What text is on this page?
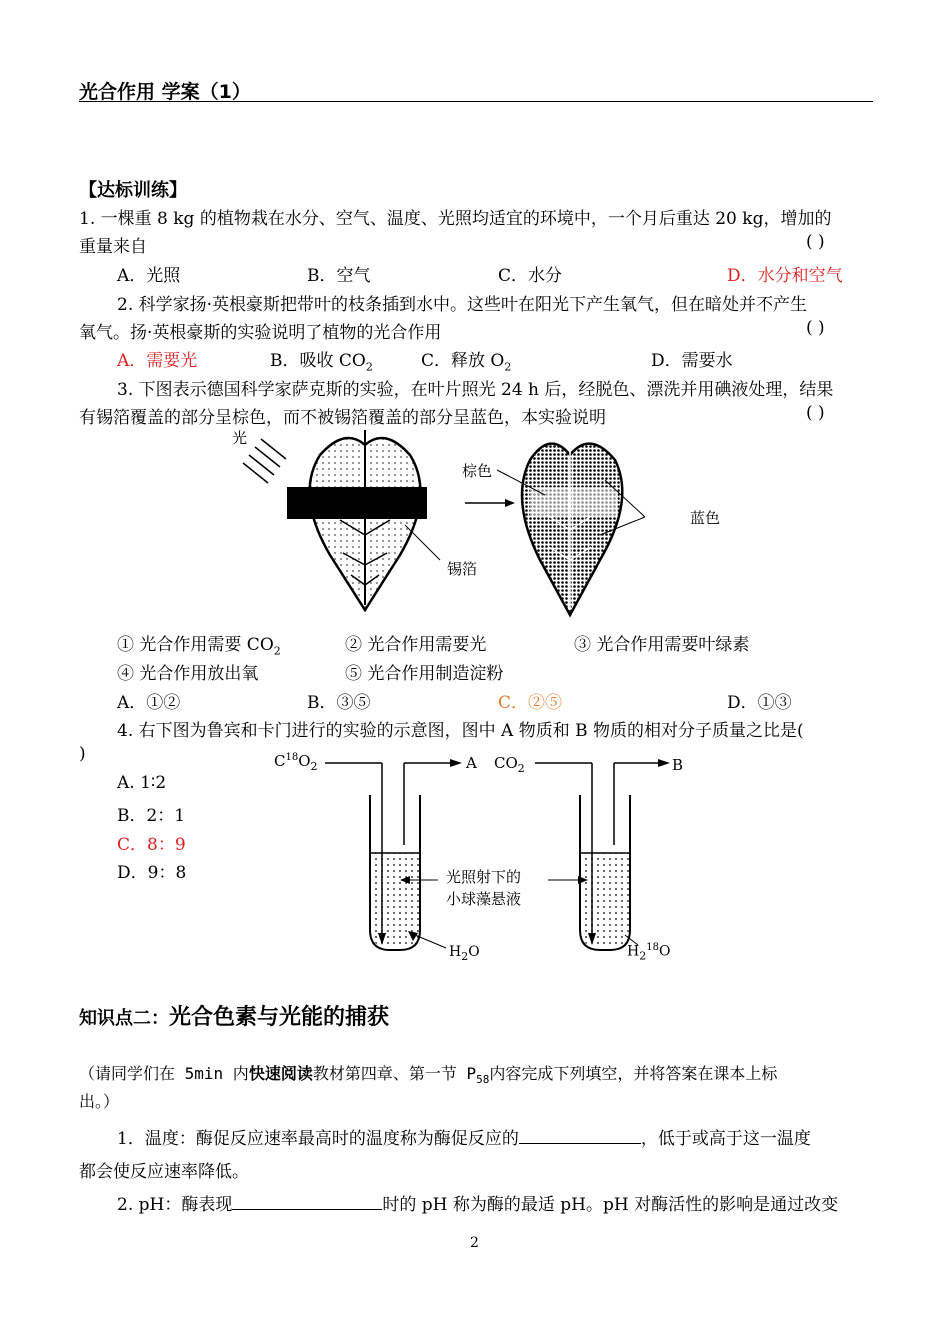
光合作用 学案（1）
【达标训练】
1. 一棵重 8 kg 的植物栽在水分、空气、温度、光照均适宜的环境中，一个月后重达 20 kg，增加的
重量来自	( )
A．光照	B．空气	C．水分	D．水分和空气
2. 科学家扬·英根豪斯把带叶的枝条插到水中。这些叶在阳光下产生氧气，但在暗处并不产生
氧气。扬·英根豪斯的实验说明了植物的光合作用	( )
A．需要光	B．吸收 $CO_2$	C．释放 $O_2$	D．需要水
3. 下图表示德国科学家萨克斯的实验，在叶片照光 24 h 后，经脱色、漂洗并用碘液处理，结果
有锡箔覆盖的部分呈棕色，而不被锡箔覆盖的部分呈蓝色，本实验说明	( )
光
棕色
蓝色
锡箔
① 光合作用需要 $CO_2$	② 光合作用需要光	③ 光合作用需要叶绿素
④ 光合作用放出氧	⑤ 光合作用制造淀粉
A．①②	B．③⑤	C．②⑤	D．①③
4. 右下图为鲁宾和卡门进行的实验的示意图，图中 A 物质和 B 物质的相对分子质量之比是(
)
A. 1∶2
B．2：1
C．8：9
D．9：8
$C^{18}O_2$	A $CO_2$	B
光照射下的
小球藻悬液
$H_2O$	$H_2^{18}O$
知识点二：光合色素与光能的捕获
（请同学们在 5min 内快速阅读教材第四章、第一节 $P_{58}$内容完成下列填空，并将答案在课本上标
出。）
1．温度：酶促反应速率最高时的温度称为酶促反应的	，低于或高于这一温度
都会使反应速率降低。
2. pH：酶表现	时的 pH 称为酶的最适 pH。pH 对酶活性的影响是通过改变
2
